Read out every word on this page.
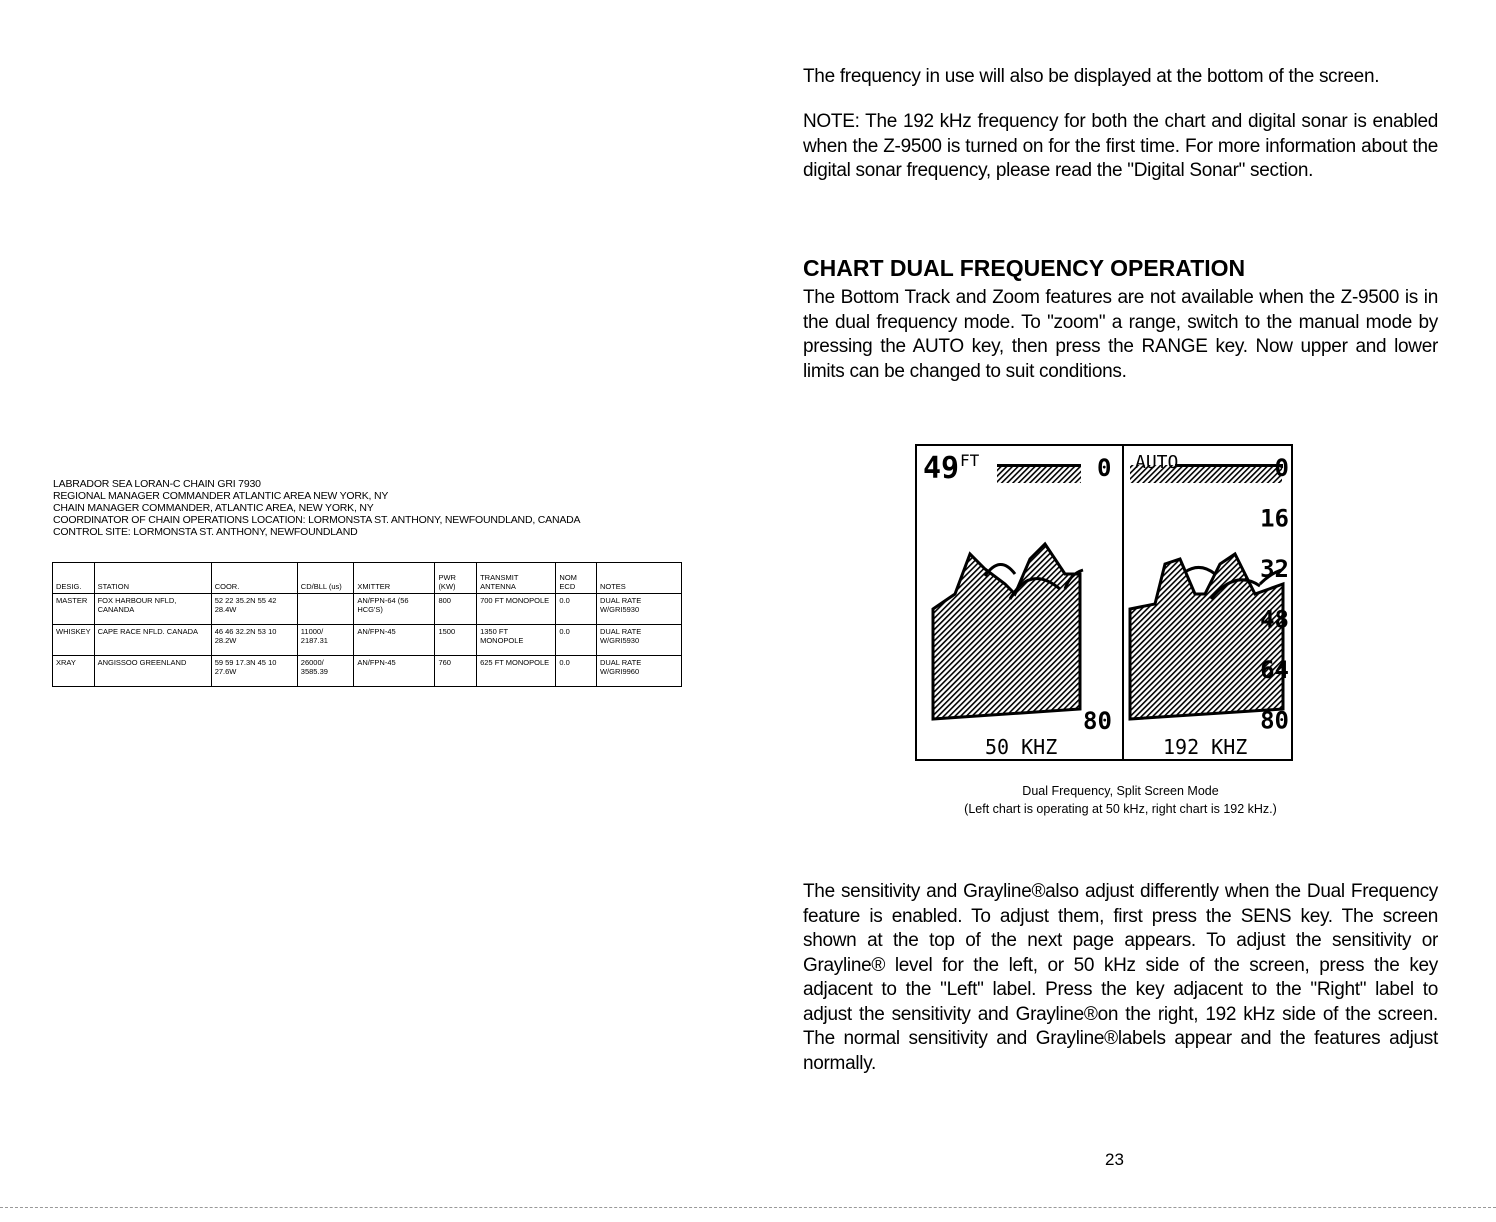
LABRADOR SEA LORAN-C CHAIN GRI 7930
REGIONAL MANAGER COMMANDER ATLANTIC AREA NEW YORK, NY
CHAIN MANAGER COMMANDER, ATLANTIC AREA, NEW YORK, NY
COORDINATOR OF CHAIN OPERATIONS LOCATION: LORMONSTA ST. ANTHONY, NEWFOUNDLAND, CANADA
CONTROL SITE: LORMONSTA ST. ANTHONY, NEWFOUNDLAND
DESIG.	STATION	COOR.	CD/BLL (us)	XMITTER	PWR (KW)	TRANSMIT ANTENNA	NOM ECD	NOTES
MASTER	FOX HARBOUR NFLD, CANANDA	52 22 35.2N 55 42 28.4W		AN/FPN-64 (56 HCG'S)	800	700 FT MONOPOLE	0.0	DUAL RATE W/GRI5930
WHISKEY	CAPE RACE NFLD. CANADA	46 46 32.2N 53 10 28.2W	11000/ 2187.31	AN/FPN-45	1500	1350 FT MONOPOLE	0.0	DUAL RATE W/GRI5930
XRAY	ANGISSOO GREENLAND	59 59 17.3N 45 10 27.6W	26000/ 3585.39	AN/FPN-45	760	625 FT MONOPOLE	0.0	DUAL RATE W/GRI9960

The frequency in use will also be displayed at the bottom of the screen.

NOTE: The 192 kHz frequency for both the chart and digital sonar is enabled when the Z-9500 is turned on for the first time. For more information about the digital sonar frequency, please read the "Digital Sonar" section.

CHART DUAL FREQUENCY OPERATION

The Bottom Track and Zoom features are not available when the Z-9500 is in the dual frequency mode. To "zoom" a range, switch to the manual mode by pressing the AUTO key, then press the RANGE key. Now upper and lower limits can be changed to suit conditions.

49 FT	0
80
50 KHZ
AUTO
192 KHZ
0
16
32
48
64
80
Dual Frequency, Split Screen Mode
(Left chart is operating at 50 kHz, right chart is 192 kHz.)

The sensitivity and Grayline®also adjust differently when the Dual Frequency feature is enabled. To adjust them, first press the SENS key. The screen shown at the top of the next page appears. To adjust the sensitivity or Grayline® level for the left, or 50 kHz side of the screen, press the key adjacent to the "Left" label. Press the key adjacent to the "Right" label to adjust the sensitivity and Grayline®on the right, 192 kHz side of the screen. The normal sensitivity and Grayline®labels appear and the features adjust normally.

23
